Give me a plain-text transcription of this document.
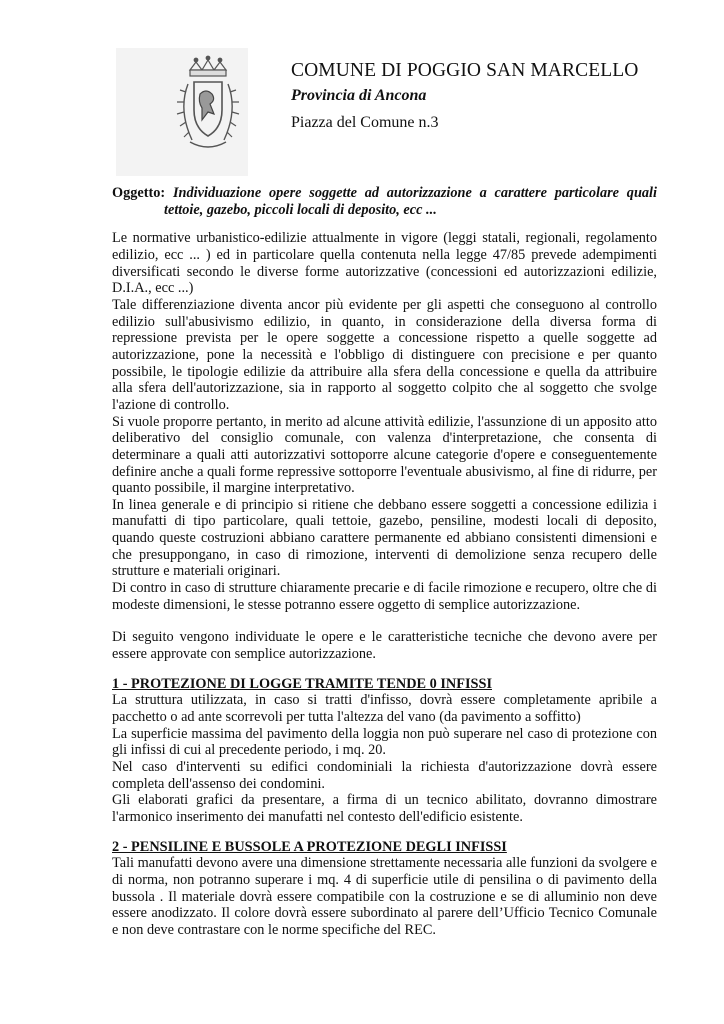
COMUNE DI POGGIO SAN MARCELLO
Provincia di Ancona
Piazza del Comune n.3
Oggetto: Individuazione opere soggette ad autorizzazione a carattere particolare quali tettoie, gazebo, piccoli locali di deposito, ecc ...

Le normative urbanistico-edilizie attualmente in vigore (leggi statali, regionali, regolamento edilizio, ecc ... ) ed in particolare quella contenuta nella legge 47/85 prevede adempimenti diversificati secondo le diverse forme autorizzative (concessioni ed autorizzazioni edilizie, D.I.A., ecc ...)

Tale differenziazione diventa ancor più evidente per gli aspetti che conseguono al controllo edilizio sull'abusivismo edilizio, in quanto, in considerazione della diversa forma di repressione prevista per le opere soggette a concessione rispetto a quelle soggette ad autorizzazione, pone la necessità e l'obbligo di distinguere con precisione e per quanto possibile, le tipologie edilizie da attribuire alla sfera della concessione e quella da attribuire alla sfera dell'autorizzazione, sia in rapporto al soggetto colpito che al soggetto che svolge l'azione di controllo.

Si vuole proporre pertanto, in merito ad alcune attività edilizie, l'assunzione di un apposito atto deliberativo del consiglio comunale, con valenza d'interpretazione, che consenta di determinare a quali atti autorizzativi sottoporre alcune categorie d'opere e conseguentemente definire anche a quali forme repressive sottoporre l'eventuale abusivismo, al fine di ridurre, per quanto possibile, il margine interpretativo.

In linea generale e di principio si ritiene che debbano essere soggetti a concessione edilizia i manufatti di tipo particolare, quali tettoie, gazebo, pensiline, modesti locali di deposito, quando queste costruzioni abbiano carattere permanente ed abbiano consistenti dimensioni e che presuppongano, in caso di rimozione, interventi di demolizione senza recupero delle strutture e materiali originari.

Di contro in caso di strutture chiaramente precarie e di facile rimozione e recupero, oltre che di modeste dimensioni, le stesse potranno essere oggetto di semplice autorizzazione.

Di seguito vengono individuate le opere e le caratteristiche tecniche che devono avere per essere approvate con semplice autorizzazione.

1 - PROTEZIONE DI LOGGE TRAMITE TENDE 0 INFISSI

La struttura utilizzata, in caso si tratti d'infisso, dovrà essere completamente apribile a pacchetto o ad ante scorrevoli per tutta l'altezza del vano (da pavimento a soffitto)

La superficie massima del pavimento della loggia non può superare nel caso di protezione con gli infissi di cui al precedente periodo, i mq. 20.

Nel caso d'interventi su edifici condominiali la richiesta d'autorizzazione dovrà essere completa dell'assenso dei condomini.

Gli elaborati grafici da presentare, a firma di un tecnico abilitato, dovranno dimostrare l'armonico inserimento dei manufatti nel contesto dell'edificio esistente.

2 - PENSILINE E BUSSOLE A PROTEZIONE DEGLI INFISSI

Tali manufatti devono avere una dimensione strettamente necessaria alle funzioni da svolgere e di norma, non potranno superare i mq. 4 di superficie utile di pensilina o di pavimento della bussola . Il materiale dovrà essere compatibile con la costruzione e se di alluminio non deve essere anodizzato. Il colore dovrà essere subordinato al parere dell’Ufficio Tecnico Comunale e non deve contrastare con le norme specifiche del REC.
